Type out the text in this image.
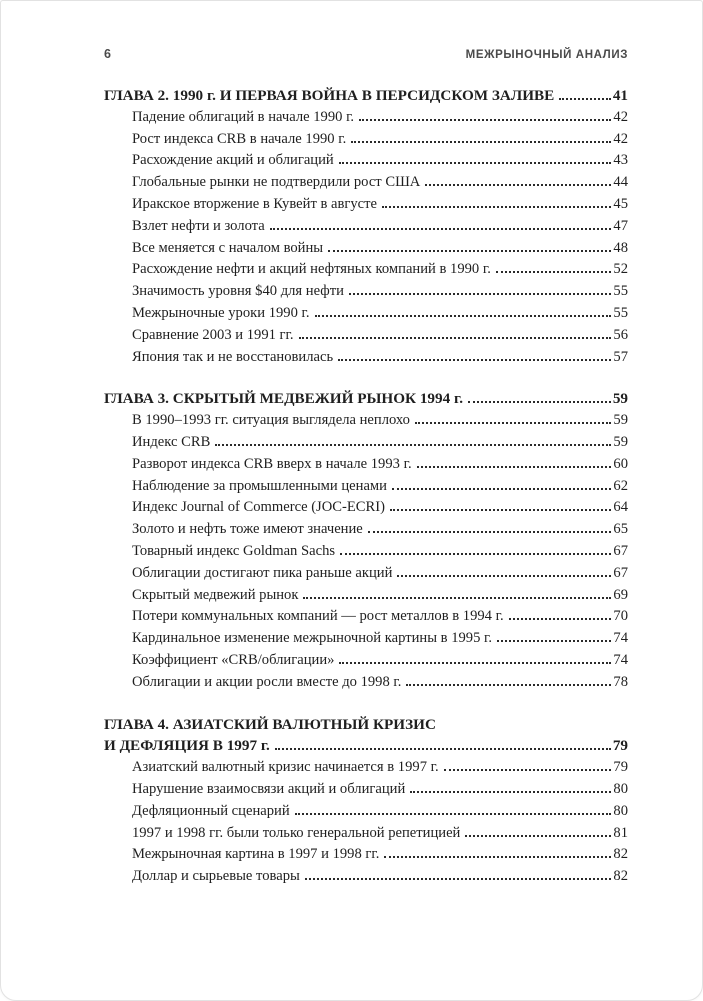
6	МЕЖРЫНОЧНЫЙ АНАЛИЗ
ГЛАВА 2. 1990 г. И ПЕРВАЯ ВОЙНА В ПЕРСИДСКОМ ЗАЛИВЕ	41
Падение облигаций в начале 1990 г.	42
Рост индекса CRB в начале 1990 г.	42
Расхождение акций и облигаций	43
Глобальные рынки не подтвердили рост США	44
Иракское вторжение в Кувейт в августе	45
Взлет нефти и золота	47
Все меняется с началом войны	48
Расхождение нефти и акций нефтяных компаний в 1990 г.	52
Значимость уровня $40 для нефти	55
Межрыночные уроки 1990 г.	55
Сравнение 2003 и 1991 гг.	56
Япония так и не восстановилась	57
ГЛАВА 3. СКРЫТЫЙ МЕДВЕЖИЙ РЫНОК 1994 г.	59
В 1990–1993 гг. ситуация выглядела неплохо	59
Индекс CRB	59
Разворот индекса CRB вверх в начале 1993 г.	60
Наблюдение за промышленными ценами	62
Индекс Journal of Commerce (JOC-ECRI)	64
Золото и нефть тоже имеют значение	65
Товарный индекс Goldman Sachs	67
Облигации достигают пика раньше акций	67
Скрытый медвежий рынок	69
Потери коммунальных компаний — рост металлов в 1994 г.	70
Кардинальное изменение межрыночной картины в 1995 г.	74
Коэффициент «CRB/облигации»	74
Облигации и акции росли вместе до 1998 г.	78
ГЛАВА 4. АЗИАТСКИЙ ВАЛЮТНЫЙ КРИЗИС
И ДЕФЛЯЦИЯ В 1997 г.	79
Азиатский валютный кризис начинается в 1997 г.	79
Нарушение взаимосвязи акций и облигаций	80
Дефляционный сценарий	80
1997 и 1998 гг. были только генеральной репетицией	81
Межрыночная картина в 1997 и 1998 гг.	82
Доллар и сырьевые товары	82
